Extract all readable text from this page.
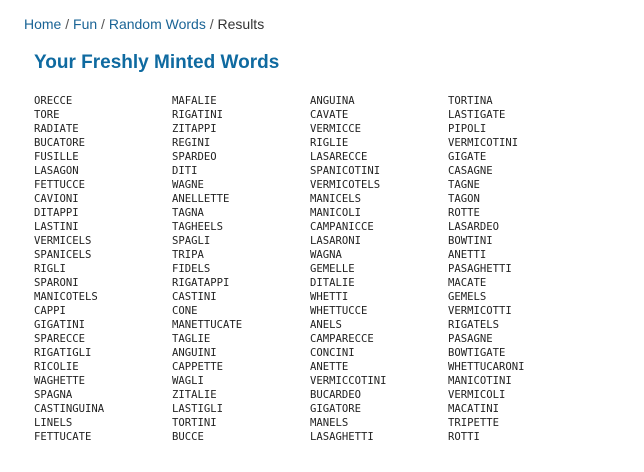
Home / Fun / Random Words / Results
Your Freshly Minted Words
ORECCE
TORE
RADIATE
BUCATORE
FUSILLE
LASAGON
FETTUCCE
CAVIONI
DITAPPI
LASTINI
VERMICELS
SPANICELS
RIGLI
SPARONI
MANICOTELS
CAPPI
GIGATINI
SPARECCE
RIGATIGLI
RICOLIE
WAGHETTE
SPAGNA
CASTINGUINA
LINELS
FETTUCATE
MAFALIE
RIGATINI
ZITAPPI
REGINI
SPARDEO
DITI
WAGNE
ANELLETTE
TAGNA
TAGHEELS
SPAGLI
TRIPA
FIDELS
RIGATAPPI
CASTINI
CONE
MANETTUCATE
TAGLIE
ANGUINI
CAPPETTE
WAGLI
ZITALIE
LASTIGLI
TORTINI
BUCCE
ANGUINA
CAVATE
VERMICCE
RIGLIE
LASARECCE
SPANICOTINI
VERMICOTELS
MANICELS
MANICOLI
CAMPANICCE
LASARONI
WAGNA
GEMELLE
DITALIE
WHETTI
WHETTUCCE
ANELS
CAMPARECCE
CONCINI
ANETTE
VERMICCOTINI
BUCARDEO
GIGATORE
MANELS
LASAGHETTI
TORTINA
LASTIGATE
PIPOLI
VERMICOTINI
GIGATE
CASAGNE
TAGNE
TAGON
ROTTE
LASARDEO
BOWTINI
ANETTI
PASAGHETTI
MACATE
GEMELS
VERMICOTTI
RIGATELS
PASAGNE
BOWTIGATE
WHETTUCARONI
MANICOTINI
VERMICOLI
MACATINI
TRIPETTE
ROTTI
